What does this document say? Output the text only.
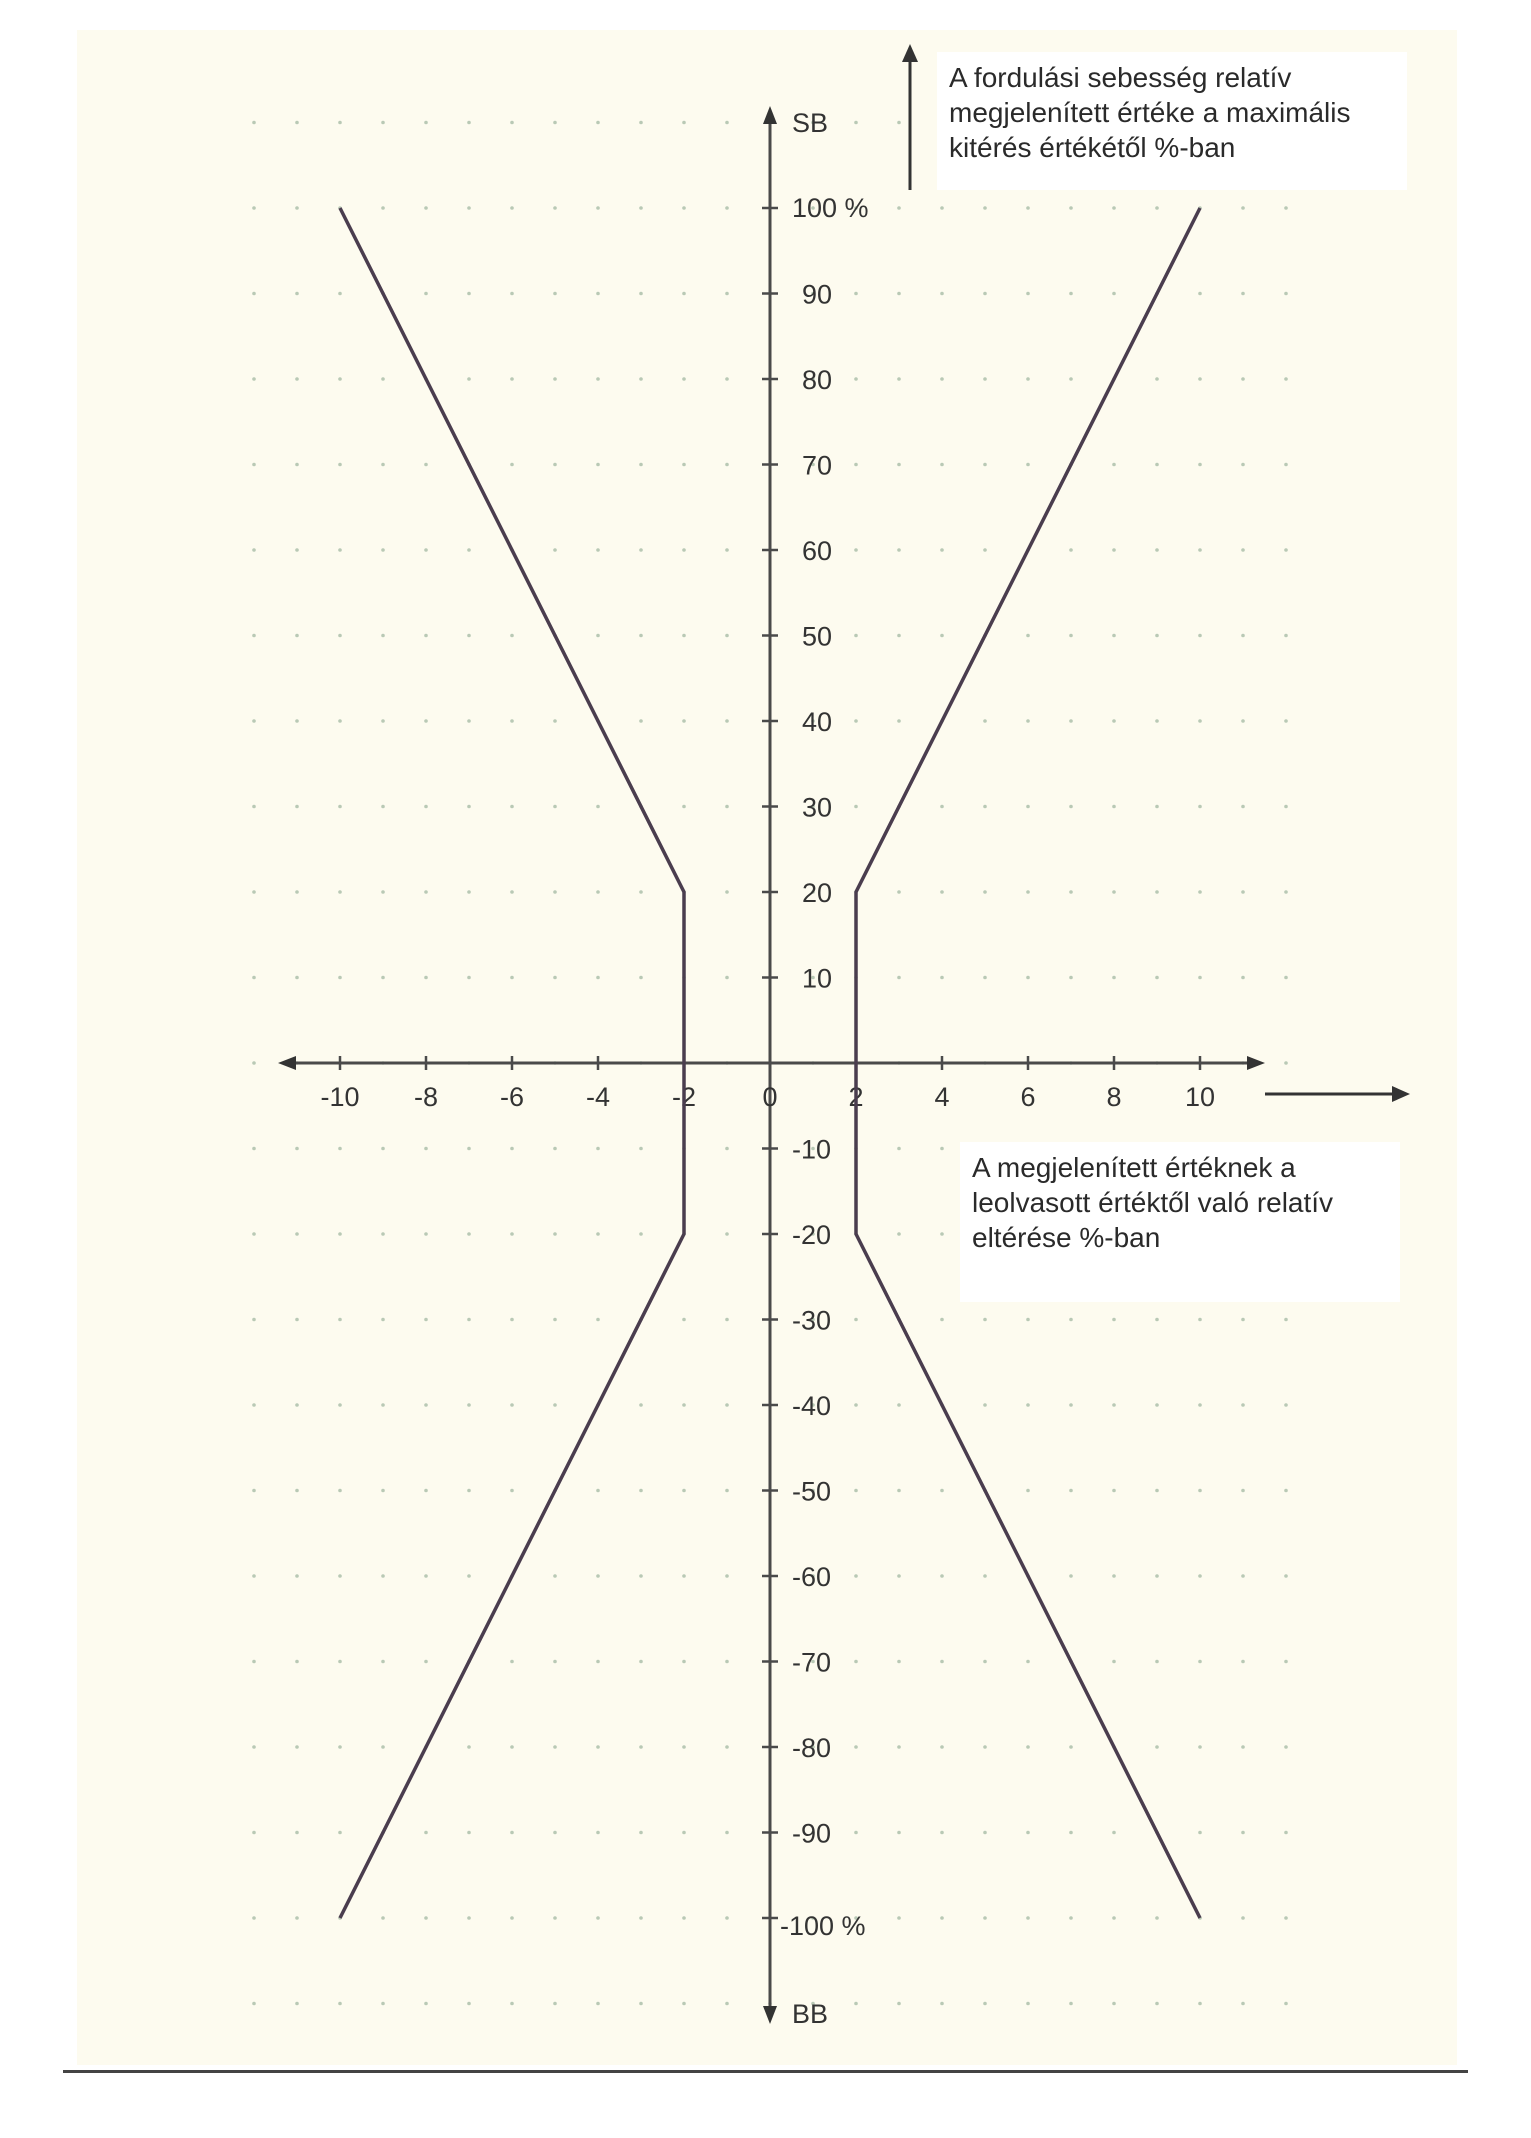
SB
BB
100 %
-100 %
-10 -8 -6 -4 -2 0	2	4	6	8 10
90
80
70
60
50
40
30
20
10
-10
-20
-30
-40
-50
-60
-70
-80
-90
A fordulási sebesség relatív
megjelenített értéke a maximális
kitérés értékétől %-ban
A megjelenített értéknek a
leolvasott értéktől való relatív
eltérése %-ban
